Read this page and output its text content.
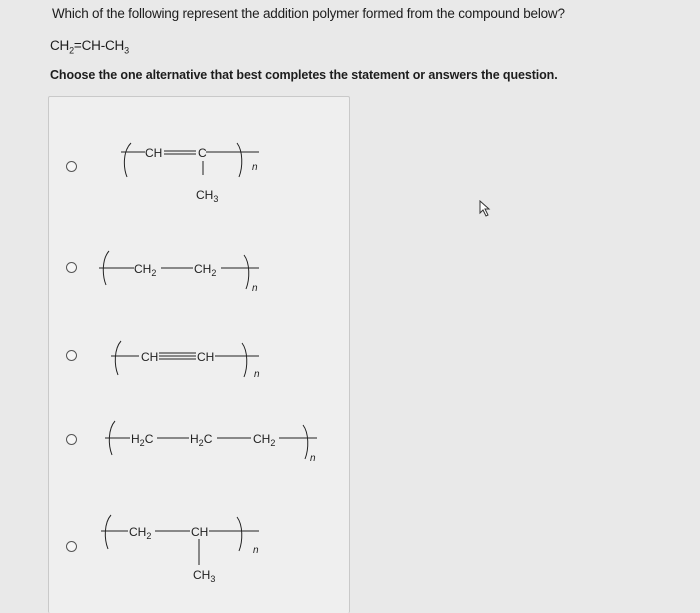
Which of the following represent the addition polymer formed from the compound below?
$CH_2=CH-CH_3$
Choose the one alternative that best completes the statement or answers the question.
CH	C
n
$CH_3$
$CH_2$	$CH_2$
n
CH	CH
n
$H_2C$	$H_2C$	$CH_2$
n
$CH_2$	CH
n
$CH_3$
